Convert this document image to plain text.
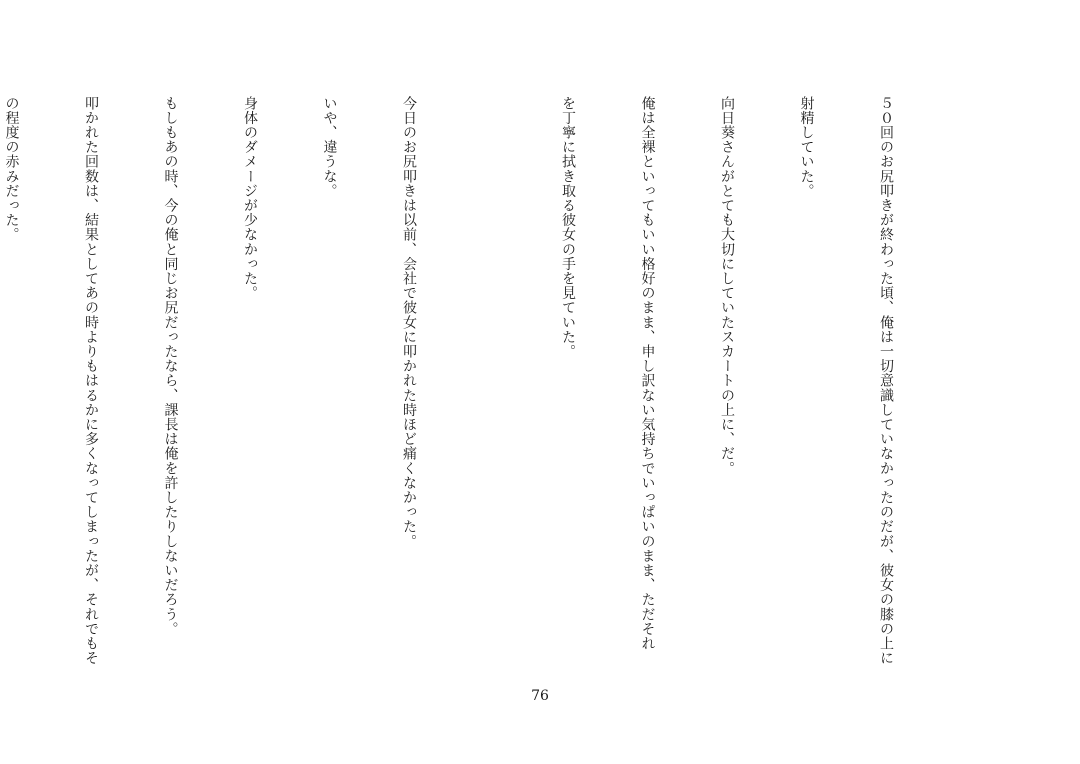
５０回のお尻叩きが終わった頃、俺は一切意識していなかったのだが、彼女の膝の上に

射精していた。

向日葵さんがとても大切にしていたスカートの上に、だ。

俺は全裸といってもいい格好のまま、申し訳ない気持ちでいっぱいのまま、ただそれ

を丁寧に拭き取る彼女の手を見ていた。

今日のお尻叩きは以前、会社で彼女に叩かれた時ほど痛くなかった。

いや、違うな。

身体のダメージが少なかった。

もしもあの時、今の俺と同じお尻だったなら、課長は俺を許したりしないだろう。

叩かれた回数は、結果としてあの時よりもはるかに多くなってしまったが、それでもそ

の程度の赤みだった。

76
